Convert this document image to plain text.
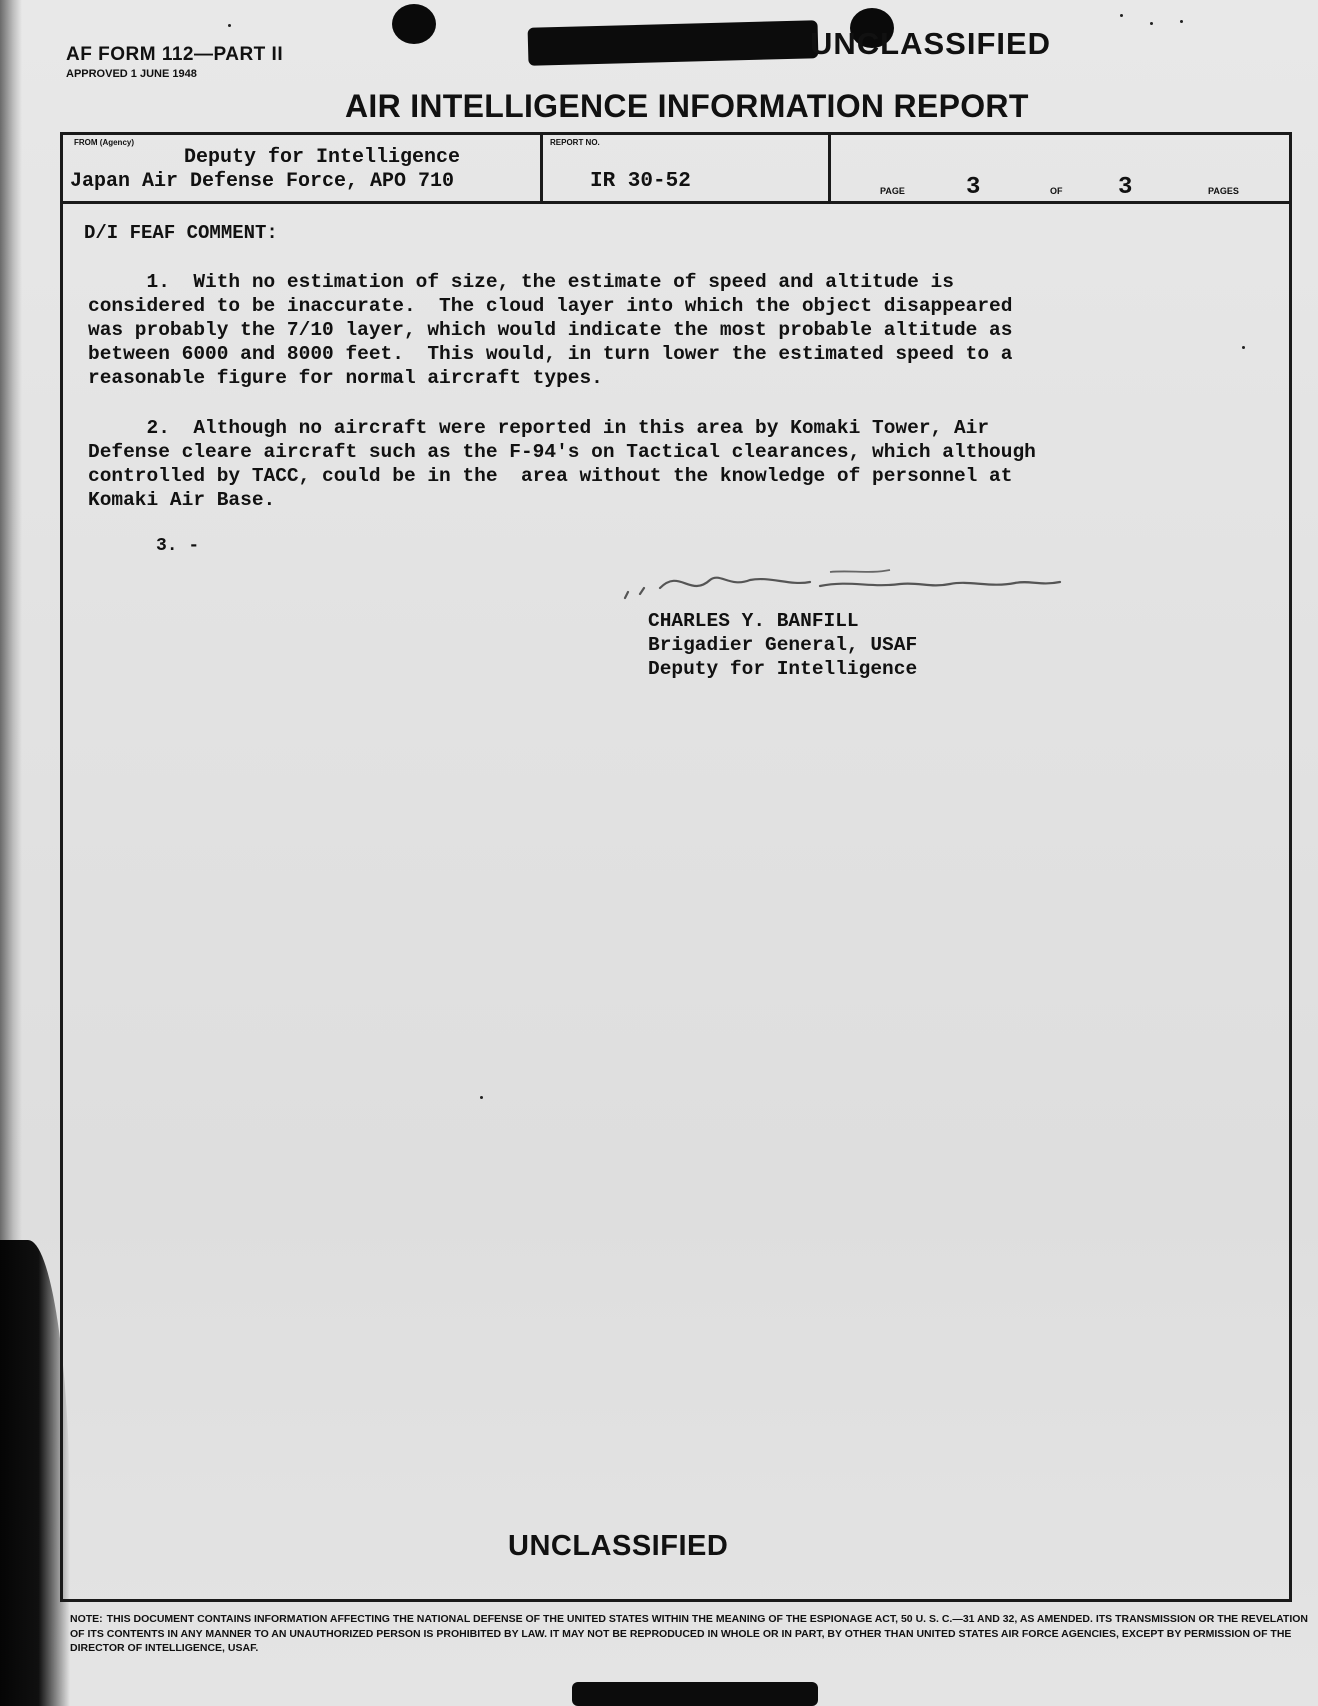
AF FORM 112—PART II
APPROVED 1 JUNE 1948
UNCLASSIFIED
AIR INTELLIGENCE INFORMATION REPORT
FROM (Agency)
Deputy for Intelligence
Japan Air Defense Force, APO 710
REPORT NO.
IR 30-52	PAGE	3	OF 3	PAGES
D/I FEAF COMMENT:
1.  With no estimation of size, the estimate of speed and altitude is
considered to be inaccurate.  The cloud layer into which the object disappeared
was probably the 7/10 layer, which would indicate the most probable altitude as
between 6000 and 8000 feet.  This would, in turn lower the estimated speed to a
reasonable figure for normal aircraft types.
2.  Although no aircraft were reported in this area by Komaki Tower, Air
Defense cleare aircraft such as the F-94's on Tactical clearances, which although
controlled by TACC, could be in the  area without the knowledge of personnel at
Komaki Air Base.
3. -
CHARLES Y. BANFILL
Brigadier General, USAF
Deputy for Intelligence
UNCLASSIFIED
NOTE: THIS DOCUMENT CONTAINS INFORMATION AFFECTING THE NATIONAL DEFENSE OF THE UNITED STATES WITHIN THE MEANING OF THE ESPIONAGE ACT, 50 U. S. C.—31 AND 32, AS AMENDED. ITS TRANSMISSION OR THE REVELATION OF ITS CONTENTS IN ANY MANNER TO AN UNAUTHORIZED PERSON IS PROHIBITED BY LAW. IT MAY NOT BE REPRODUCED IN WHOLE OR IN PART, BY OTHER THAN UNITED STATES AIR FORCE AGENCIES, EXCEPT BY PERMISSION OF THE DIRECTOR OF INTELLIGENCE, USAF.
